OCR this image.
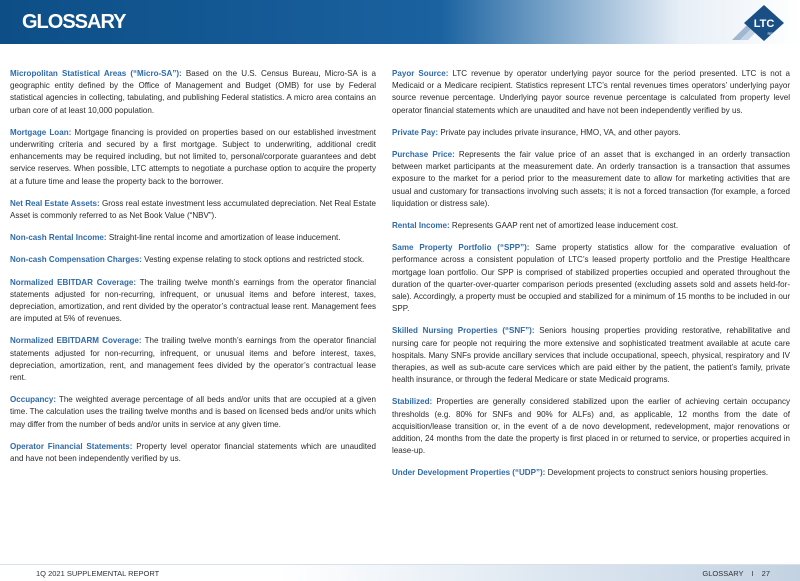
GLOSSARY	LTC
REIT
Micropolitan Statistical Areas (“Micro-SA”): Based on the U.S. Census Bureau, Micro-SA is a geographic entity defined by the Office of Management and Budget (OMB) for use by Federal statistical agencies in collecting, tabulating, and publishing Federal statistics. A micro area contains an urban core of at least 10,000 population.
Mortgage Loan: Mortgage financing is provided on properties based on our established investment underwriting criteria and secured by a first mortgage. Subject to underwriting, additional credit enhancements may be required including, but not limited to, personal/corporate guarantees and debt service reserves. When possible, LTC attempts to negotiate a purchase option to acquire the property at a future time and lease the property back to the borrower.
Net Real Estate Assets: Gross real estate investment less accumulated depreciation. Net Real Estate Asset is commonly referred to as Net Book Value (“NBV”).
Non-cash Rental Income: Straight-line rental income and amortization of lease inducement.
Non-cash Compensation Charges: Vesting expense relating to stock options and restricted stock.
Normalized EBITDAR Coverage: The trailing twelve month’s earnings from the operator financial statements adjusted for non-recurring, infrequent, or unusual items and before interest, taxes, depreciation, amortization, and rent divided by the operator’s contractual lease rent. Management fees are imputed at 5% of revenues.
Normalized EBITDARM Coverage: The trailing twelve month’s earnings from the operator financial statements adjusted for non-recurring, infrequent, or unusual items and before interest, taxes, depreciation, amortization, rent, and management fees divided by the operator’s contractual lease rent.
Occupancy: The weighted average percentage of all beds and/or units that are occupied at a given time. The calculation uses the trailing twelve months and is based on licensed beds and/or units which may differ from the number of beds and/or units in service at any given time.
Operator Financial Statements: Property level operator financial statements which are unaudited and have not been independently verified by us.
Payor Source: LTC revenue by operator underlying payor source for the period presented. LTC is not a Medicaid or a Medicare recipient. Statistics represent LTC’s rental revenues times operators’ underlying payor source revenue percentage. Underlying payor source revenue percentage is calculated from property level operator financial statements which are unaudited and have not been independently verified by us.
Private Pay: Private pay includes private insurance, HMO, VA, and other payors.
Purchase Price: Represents the fair value price of an asset that is exchanged in an orderly transaction between market participants at the measurement date. An orderly transaction is a transaction that assumes exposure to the market for a period prior to the measurement date to allow for marketing activities that are usual and customary for transactions involving such assets; it is not a forced transaction (for example, a forced liquidation or distress sale).
Rental Income: Represents GAAP rent net of amortized lease inducement cost.
Same Property Portfolio (“SPP”): Same property statistics allow for the comparative evaluation of performance across a consistent population of LTC’s leased property portfolio and the Prestige Healthcare mortgage loan portfolio. Our SPP is comprised of stabilized properties occupied and operated throughout the duration of the quarter-over-quarter comparison periods presented (excluding assets sold and assets held-for-sale). Accordingly, a property must be occupied and stabilized for a minimum of 15 months to be included in our SPP.
Skilled Nursing Properties (“SNF”): Seniors housing properties providing restorative, rehabilitative and nursing care for people not requiring the more extensive and sophisticated treatment available at acute care hospitals. Many SNFs provide ancillary services that include occupational, speech, physical, respiratory and IV therapies, as well as sub-acute care services which are paid either by the patient, the patient’s family, private health insurance, or through the federal Medicare or state Medicaid programs.
Stabilized: Properties are generally considered stabilized upon the earlier of achieving certain occupancy thresholds (e.g. 80% for SNFs and 90% for ALFs) and, as applicable, 12 months from the date of acquisition/lease transition or, in the event of a de novo development, redevelopment, major renovations or addition, 24 months from the date the property is first placed in or returned to service, or properties acquired in lease-up.
Under Development Properties (“UDP”): Development projects to construct seniors housing properties.
1Q 2021 SUPPLEMENTAL REPORT	GLOSSARY I 27
